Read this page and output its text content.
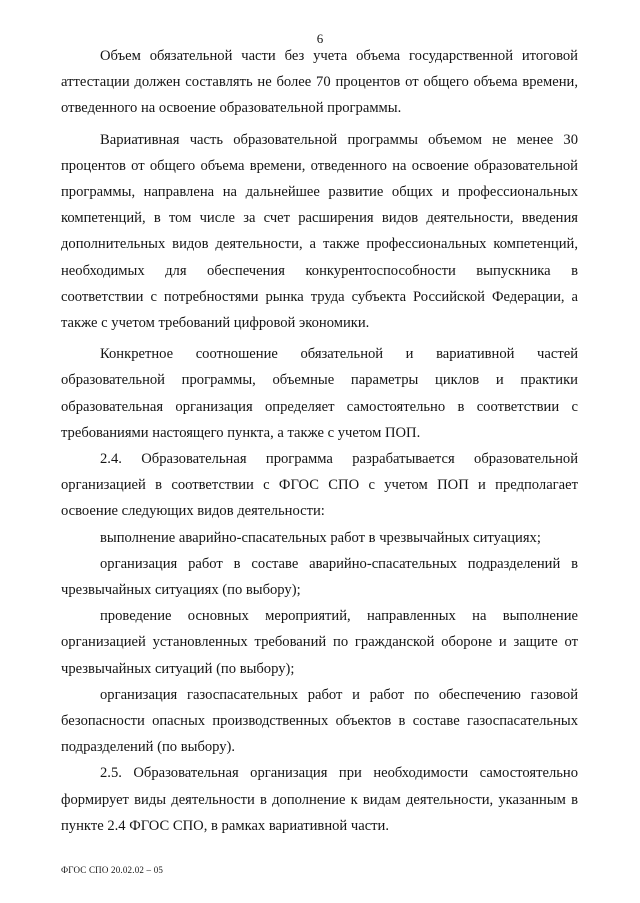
6

Объем обязательной части без учета объема государственной итоговой аттестации должен составлять не более 70 процентов от общего объема времени, отведенного на освоение образовательной программы.

Вариативная часть образовательной программы объемом не менее 30 процентов от общего объема времени, отведенного на освоение образовательной программы, направлена на дальнейшее развитие общих и профессиональных компетенций, в том числе за счет расширения видов деятельности, введения дополнительных видов деятельности, а также профессиональных компетенций, необходимых для обеспечения конкурентоспособности выпускника в соответствии с потребностями рынка труда субъекта Российской Федерации, а также с учетом требований цифровой экономики.

Конкретное соотношение обязательной и вариативной частей образовательной программы, объемные параметры циклов и практики образовательная организация определяет самостоятельно в соответствии с требованиями настоящего пункта, а также с учетом ПОП.

2.4. Образовательная программа разрабатывается образовательной организацией в соответствии с ФГОС СПО с учетом ПОП и предполагает освоение следующих видов деятельности:

выполнение аварийно-спасательных работ в чрезвычайных ситуациях;

организация работ в составе аварийно-спасательных подразделений в чрезвычайных ситуациях (по выбору);

проведение основных мероприятий, направленных на выполнение организацией установленных требований по гражданской обороне и защите от чрезвычайных ситуаций (по выбору);

организация газоспасательных работ и работ по обеспечению газовой безопасности опасных производственных объектов в составе газоспасательных подразделений (по выбору).

2.5. Образовательная организация при необходимости самостоятельно формирует виды деятельности в дополнение к видам деятельности, указанным в пункте 2.4 ФГОС СПО, в рамках вариативной части.

ФГОС СПО 20.02.02 – 05
